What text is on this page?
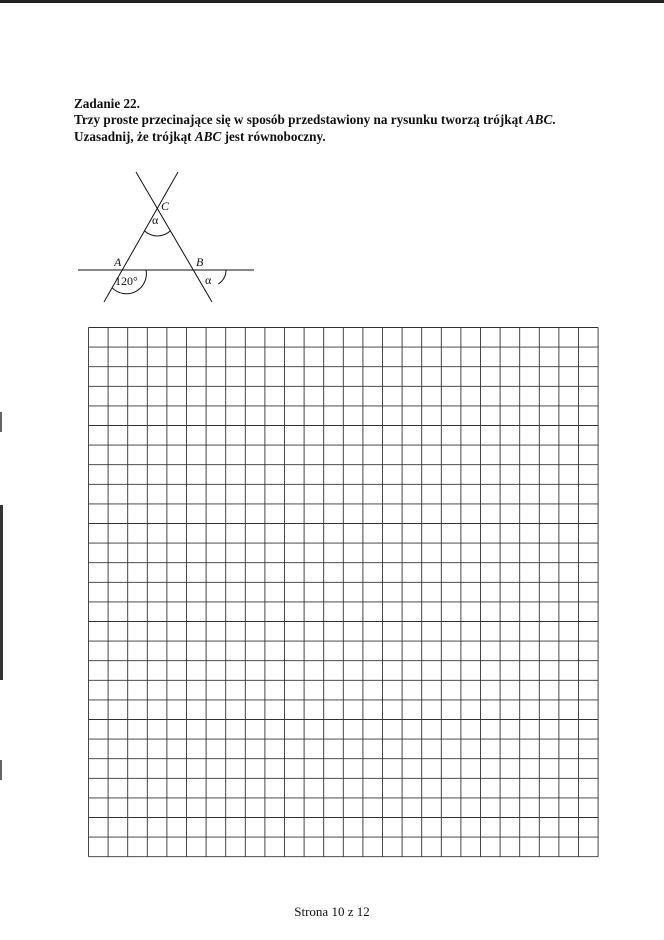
Zadanie 22.
Trzy proste przecinające się w sposób przedstawiony na rysunku tworzą trójkąt ABC.
Uzasadnij, że trójkąt ABC jest równoboczny.
C
α
A
120°
B
α
Strona 10 z 12
